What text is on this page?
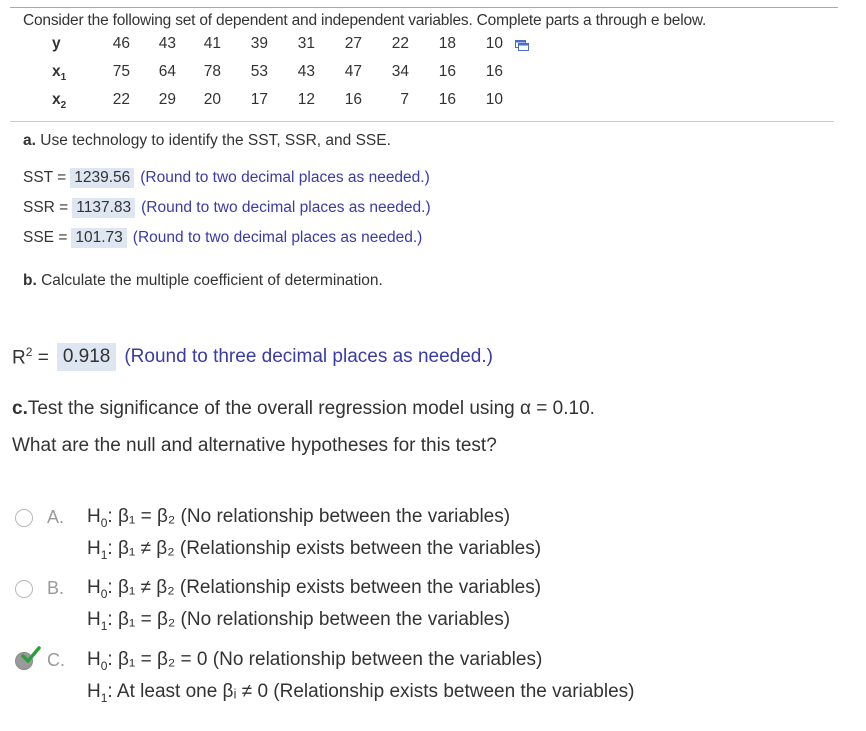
Consider the following set of dependent and independent variables. Complete parts a through e below.
y	46	43	41	39	31	27	22	18	10
$x_1$	75	64	78	53	43	47	34	16	16
$x_2$	22	29	20	17	12	16	7	16	10
a. Use technology to identify the SST, SSR, and SSE.
SST = 1239.56 (Round to two decimal places as needed.)
SSR = 1137.83 (Round to two decimal places as needed.)
SSE = 101.73 (Round to two decimal places as needed.)
b. Calculate the multiple coefficient of determination.
$R^2 = 0.918$ (Round to three decimal places as needed.)
c. Test the significance of the overall regression model using α = 0.10.
What are the null and alternative hypotheses for this test?
A. $H_0$: β₁ = β₂ (No relationship between the variables)
$H_1$: β₁ ≠ β₂ (Relationship exists between the variables)
B. $H_0$: β₁ ≠ β₂ (Relationship exists between the variables)
$H_1$: β₁ = β₂ (No relationship between the variables)
C. $H_0$: β₁ = β₂ = 0 (No relationship between the variables)
$H_1$: At least one βᵢ ≠ 0 (Relationship exists between the variables)
